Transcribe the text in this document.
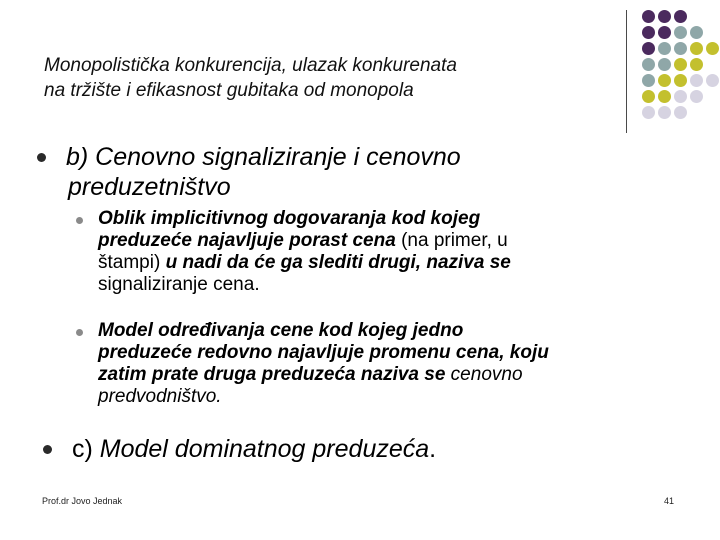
Monopolistička konkurencija, ulazak konkurenata
na tržište i efikasnost gubitaka od monopola
b) Cenovno signaliziranje i cenovno
preduzetništvo
Oblik implicitivnog dogovaranja kod kojeg
preduzeće najavljuje porast cena (na primer, u
štampi) u nadi da će ga slediti drugi, naziva se
signaliziranje cena.
Model određivanja cene kod kojeg jedno
preduzeće redovno najavljuje promenu cena, koju
zatim prate druga preduzeća naziva se cenovno
predvodništvo.
c) Model dominatnog preduzeća.
Prof.dr Jovo Jednak	41
